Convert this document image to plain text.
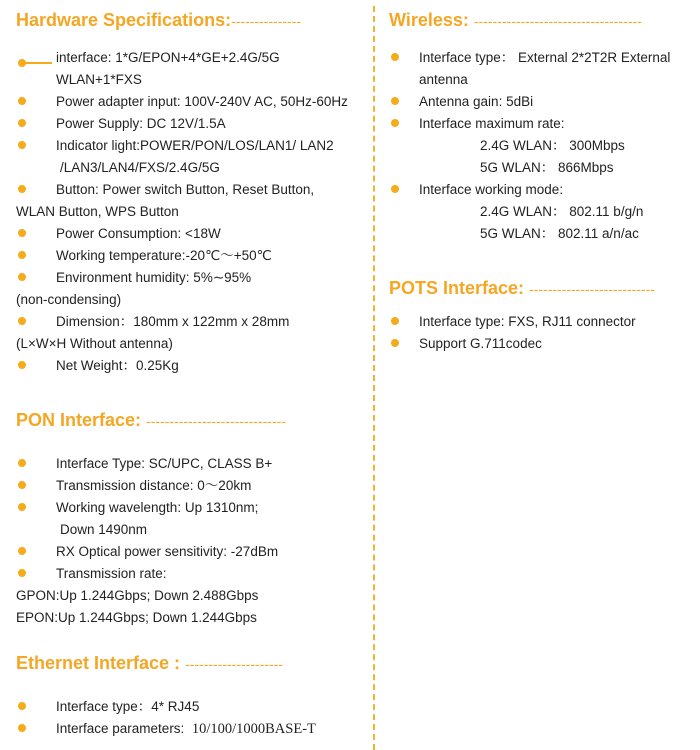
Hardware Specifications:---------------
interface: 1*G/EPON+4*GE+2.4G/5G
WLAN+1*FXS
Power adapter input: 100V-240V AC, 50Hz-60Hz
Power Supply: DC 12V/1.5A
Indicator light:POWER/PON/LOS/LAN1/ LAN2
/LAN3/LAN4/FXS/2.4G/5G
Button: Power switch Button, Reset Button,
WLAN Button, WPS Button
Power Consumption: <18W
Working temperature:-20℃〜+50℃
Environment humidity: 5%∼95%
(non-condensing)
Dimension：180mm x 122mm x 28mm
(L×W×H Without antenna)
Net Weight：0.25Kg
PON Interface: ------------------------------
Interface Type: SC/UPC, CLASS B+
Transmission distance: 0〜20km
Working wavelength: Up 1310nm;
Down 1490nm
RX Optical power sensitivity: -27dBm
Transmission rate:
GPON:Up 1.244Gbps; Down 2.488Gbps
EPON:Up 1.244Gbps; Down 1.244Gbps
Ethernet Interface : ---------------------
Interface type：4* RJ45
Interface parameters: 10/100/1000BASE-T
Wireless: ------------------------------------
Interface type： External 2*2T2R External
antenna
Antenna gain: 5dBi
Interface maximum rate:
2.4G WLAN： 300Mbps
5G WLAN： 866Mbps
Interface working mode:
2.4G WLAN： 802.11 b/g/n
5G WLAN： 802.11 a/n/ac
POTS Interface: ---------------------------
Interface type: FXS, RJ11 connector
Support G.711codec
